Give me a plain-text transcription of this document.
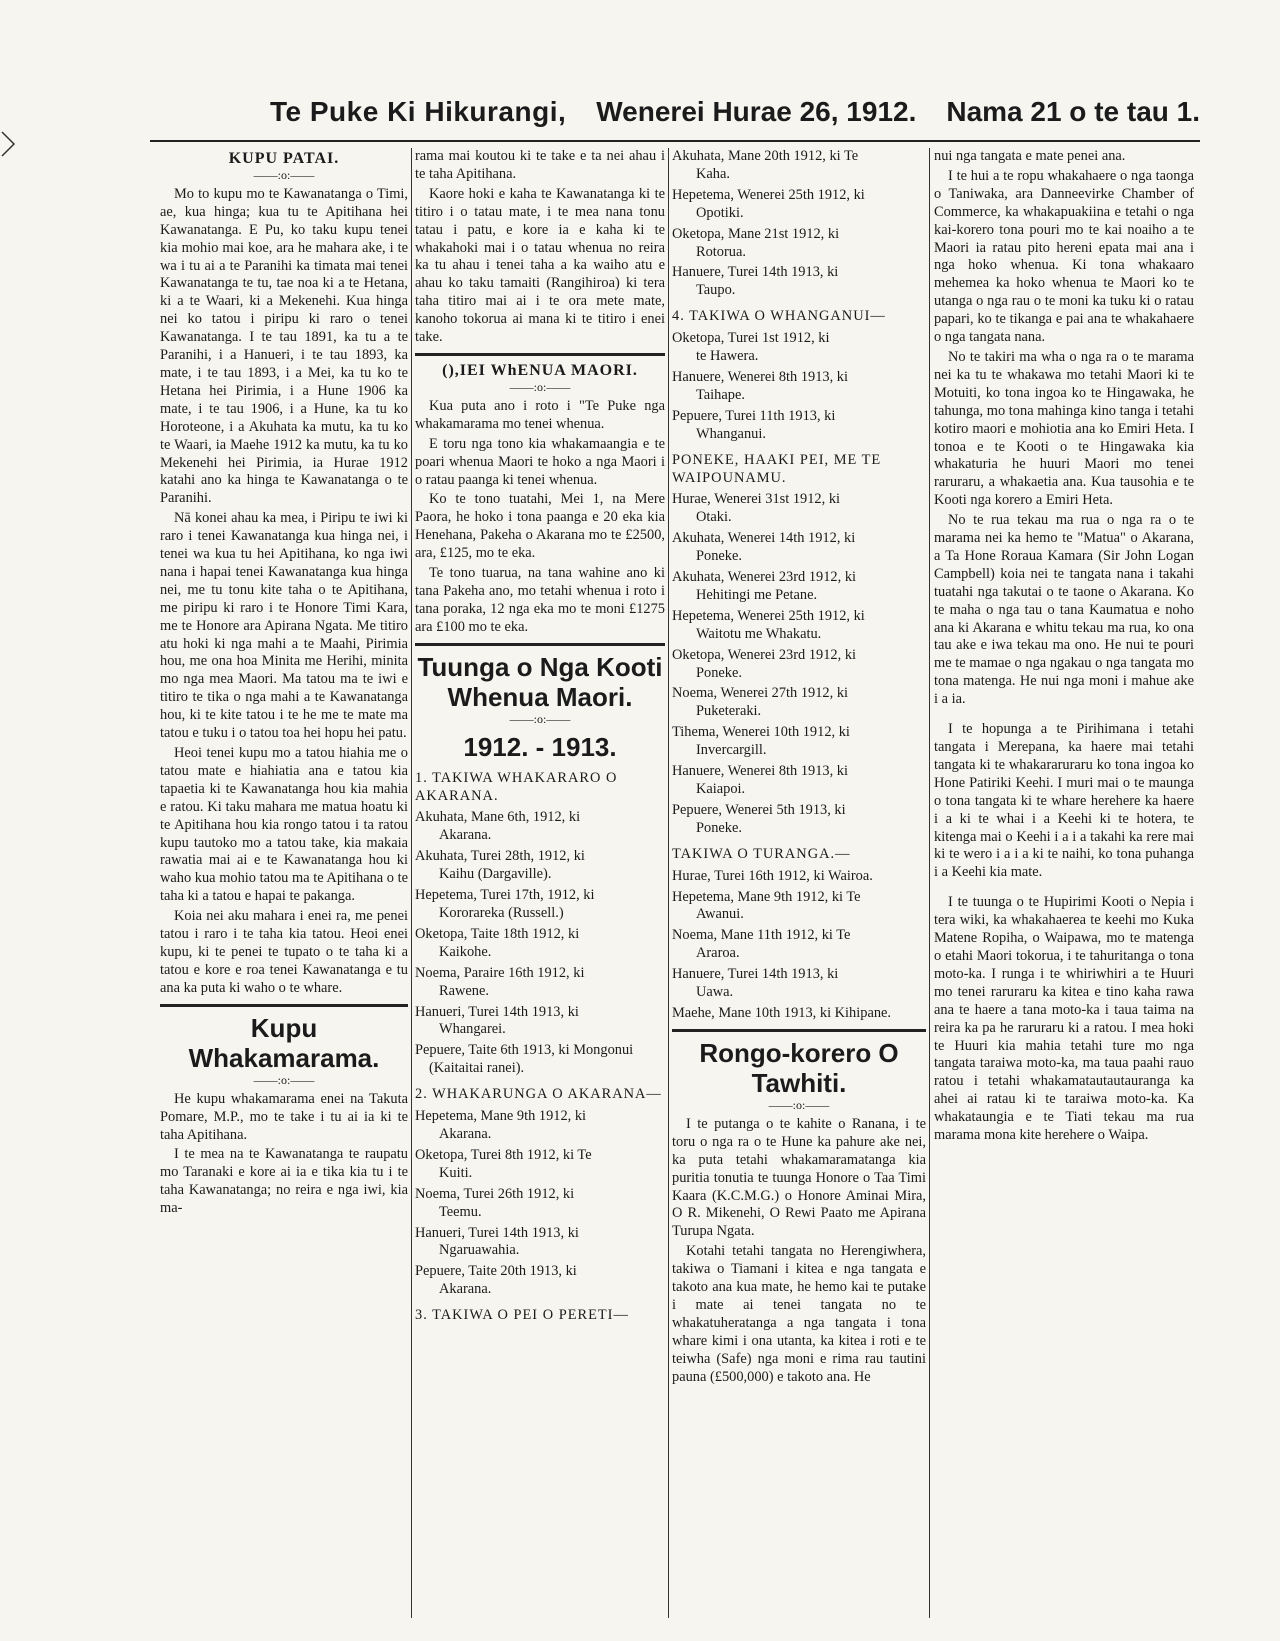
Te Puke Ki Hikurangi, Wenerei Hurae 26, 1912. Nama 21 o te tau 1.
KUPU PATAI.
——:o:——

Mo to kupu mo te Kawanatanga o Timi, ae, kua hinga; kua tu te Apitihana hei Kawanatanga. E Pu, ko taku kupu tenei kia mohio mai koe, ara he mahara ake, i te wa i tu ai a te Paranihi ka timata mai tenei Kawanatanga te tu, tae noa ki a te Hetana, ki a te Waari, ki a Mekenehi. Kua hinga nei ko tatou i piripu ki raro o tenei Kawanatanga. I te tau 1891, ka tu a te Paranihi, i a Hanueri, i te tau 1893, ka mate, i te tau 1893, i a Mei, ka tu ko te Hetana hei Pirimia, i a Hune 1906 ka mate, i te tau 1906, i a Hune, ka tu ko Horoteone, i a Akuhata ka mutu, ka tu ko te Waari, ia Maehe 1912 ka mutu, ka tu ko Mekenehi hei Pirimia, ia Hurae 1912 katahi ano ka hinga te Kawanatanga o te Paranihi.

Nā konei ahau ka mea, i Piripu te iwi ki raro i tenei Kawanatanga kua hinga nei, i tenei wa kua tu hei Apitihana, ko nga iwi nana i hapai tenei Kawanatanga kua hinga nei, me tu tonu kite taha o te Apitihana, me piripu ki raro i te Honore Timi Kara, me te Honore ara Apirana Ngata. Me titiro atu hoki ki nga mahi a te Maahi, Pirimia hou, me ona hoa Minita me Herihi, minita mo nga mea Maori. Ma tatou ma te iwi e titiro te tika o nga mahi a te Kawanatanga hou, ki te kite tatou i te he me te mate ma tatou e tuku i o tatou toa hei hopu hei patu.

Heoi tenei kupu mo a tatou hiahia me o tatou mate e hiahiatia ana e tatou kia tapaetia ki te Kawanatanga hou kia mahia e ratou. Ki taku mahara me matua hoatu ki te Apitihana hou kia rongo tatou i ta ratou kupu tautoko mo a tatou take, kia makaia rawatia mai ai e te Kawanatanga hou ki waho kua mohio tatou ma te Apitihana o te taha ki a tatou e hapai te pakanga.

Koia nei aku mahara i enei ra, me penei tatou i raro i te taha kia tatou. Heoi enei kupu, ki te penei te tupato o te taha ki a tatou e kore e roa tenei Kawanatanga e tu ana ka puta ki waho o te whare.

Kupu Whakamarama.
——:o:——

He kupu whakamarama enei na Takuta Pomare, M.P., mo te take i tu ai ia ki te taha Apitihana.

I te mea na te Kawanatanga te raupatu mo Taranaki e kore ai ia e tika kia tu i te taha Kawanatanga; no reira e nga iwi, kia ma-

rama mai koutou ki te take e ta nei ahau i te taha Apitihana.

Kaore hoki e kaha te Kawanatanga ki te titiro i o tatau mate, i te mea nana tonu tatau i patu, e kore ia e kaha ki te whakahoki mai i o tatau whenua no reira ka tu ahau i tenei taha a ka waiho atu e ahau ko taku tamaiti (Rangihiroa) ki tera taha titiro mai ai i te ora mete mate, kanoho tokorua ai mana ki te titiro i enei take.

(),IEI WhENUA MAORI.
——:o:——

Kua puta ano i roto i "Te Puke nga whakamarama mo tenei whenua.

E toru nga tono kia whakamaangia e te poari whenua Maori te hoko a nga Maori i o ratau paanga ki tenei whenua.

Ko te tono tuatahi, Mei 1, na Mere Paora, he hoko i tona paanga e 20 eka kia Henehana, Pakeha o Akarana mo te £2500, ara, £125, mo te eka.

Te tono tuarua, na tana wahine ano ki tana Pakeha ano, mo tetahi whenua i roto i tana poraka, 12 nga eka mo te moni £1275 ara £100 mo te eka.

Tuunga o Nga Kooti
Whenua Maori.
——:o:——
1912. - 1913.
1. TAKIWA WHAKARARO O AKARANA.
Akuhata, Mane 6th, 1912, ki
Akarana.
Akuhata, Turei 28th, 1912, ki
Kaihu (Dargaville).
Hepetema, Turei 17th, 1912, ki
Kororareka (Russell.)
Oketopa, Taite 18th 1912, ki
Kaikohe.
Noema, Paraire 16th 1912, ki
Rawene.
Hanueri, Turei 14th 1913, ki
Whangarei.
Pepuere, Taite 6th 1913, ki Mongonui (Kaitaitai ranei).
2. WHAKARUNGA O AKARANA—
Hepetema, Mane 9th 1912, ki
Akarana.
Oketopa, Turei 8th 1912, ki Te
Kuiti.
Noema, Turei 26th 1912, ki
Teemu.
Hanueri, Turei 14th 1913, ki
Ngaruawahia.
Pepuere, Taite 20th 1913, ki
Akarana.
3. TAKIWA O PEI O PERETI—
Akuhata, Mane 20th 1912, ki Te
Kaha.
Hepetema, Wenerei 25th 1912, ki
Opotiki.
Oketopa, Mane 21st 1912, ki
Rotorua.
Hanuere, Turei 14th 1913, ki
Taupo.
4. TAKIWA O WHANGANUI—
Oketopa, Turei 1st 1912, ki
te Hawera.
Hanuere, Wenerei 8th 1913, ki
Taihape.
Pepuere, Turei 11th 1913, ki
Whanganui.
PONEKE, HAAKI PEI, ME TE WAIPOUNAMU.
Hurae, Wenerei 31st 1912, ki
Otaki.
Akuhata, Wenerei 14th 1912, ki
Poneke.
Akuhata, Wenerei 23rd 1912, ki
Hehitingi me Petane.
Hepetema, Wenerei 25th 1912, ki
Waitotu me Whakatu.
Oketopa, Wenerei 23rd 1912, ki
Poneke.
Noema, Wenerei 27th 1912, ki
Puketeraki.
Tihema, Wenerei 10th 1912, ki
Invercargill.
Hanuere, Wenerei 8th 1913, ki
Kaiapoi.
Pepuere, Wenerei 5th 1913, ki
Poneke.
TAKIWA O TURANGA.—
Hurae, Turei 16th 1912, ki Wairoa.
Hepetema, Mane 9th 1912, ki Te
Awanui.
Noema, Mane 11th 1912, ki Te
Araroa.
Hanuere, Turei 14th 1913, ki
Uawa.
Maehe, Mane 10th 1913, ki Kihipane.
Rongo-korero O
Tawhiti.
——:o:——

I te putanga o te kahite o Ranana, i te toru o nga ra o te Hune ka pahure ake nei, ka puta tetahi whakamaramatanga kia puritia tonutia te tuunga Honore o Taa Timi Kaara (K.C.M.G.) o Honore Aminai Mira, O R. Mikenehi, O Rewi Paato me Apirana Turupa Ngata.

Kotahi tetahi tangata no Herengiwhera, takiwa o Tiamani i kitea e nga tangata e takoto ana kua mate, he hemo kai te putake i mate ai tenei tangata no te whakatuheratanga a nga tangata i tona whare kimi i ona utanta, ka kitea i roti e te teiwha (Safe) nga moni e rima rau tautini pauna (£500,000) e takoto ana. He

nui nga tangata e mate penei ana.

I te hui a te ropu whakahaere o nga taonga o Taniwaka, ara Danneevirke Chamber of Commerce, ka whakapuakiina e tetahi o nga kai-korero tona pouri mo te kai noaiho a te Maori ia ratau pito hereni epata mai ana i nga hoko whenua. Ki tona whakaaro mehemea ka hoko whenua te Maori ko te utanga o nga rau o te moni ka tuku ki o ratau papari, ko te tikanga e pai ana te whakahaere o nga tangata nana.

No te takiri ma wha o nga ra o te marama nei ka tu te whakawa mo tetahi Maori ki te Motuiti, ko tona ingoa ko te Hingawaka, he tahunga, mo tona mahinga kino tanga i tetahi kotiro maori e mohiotia ana ko Emiri Heta. I tonoa e te Kooti o te Hingawaka kia whakaturia he huuri Maori mo tenei raruraru, a whakaetia ana. Kua tausohia e te Kooti nga korero a Emiri Heta.

No te rua tekau ma rua o nga ra o te marama nei ka hemo te "Matua" o Akarana, a Ta Hone Roraua Kamara (Sir John Logan Campbell) koia nei te tangata nana i takahi tuatahi nga takutai o te taone o Akarana. Ko te maha o nga tau o tana Kaumatua e noho ana ki Akarana e whitu tekau ma rua, ko ona tau ake e iwa tekau ma ono. He nui te pouri me te mamae o nga ngakau o nga tangata mo tona matenga. He nui nga moni i mahue ake i a ia.

I te hopunga a te Pirihimana i tetahi tangata i Merepana, ka haere mai tetahi tangata ki te whakararuraru ko tona ingoa ko Hone Patiriki Keehi. I muri mai o te maunga o tona tangata ki te whare herehere ka haere i a ki te whai i a Keehi ki te hotera, te kitenga mai o Keehi i a i a takahi ka rere mai ki te wero i a i a ki te naihi, ko tona puhanga i a Keehi kia mate.

I te tuunga o te Hupirimi Kooti o Nepia i tera wiki, ka whakahaerea te keehi mo Kuka Matene Ropiha, o Waipawa, mo te matenga o etahi Maori tokorua, i te tahuritanga o tona moto-ka. I runga i te whiriwhiri a te Huuri mo tenei raruraru ka kitea e tino kaha rawa ana te haere a tana moto-ka i taua taima na reira ka pa he raruraru ki a ratou. I mea hoki te Huuri kia mahia tetahi ture mo nga tangata taraiwa moto-ka, ma taua paahi rauo ratou i tetahi whakamatautautauranga ka ahei ai ratau ki te taraiwa moto-ka. Ka whakataungia e te Tiati tekau ma rua marama mona kite herehere o Waipa.
